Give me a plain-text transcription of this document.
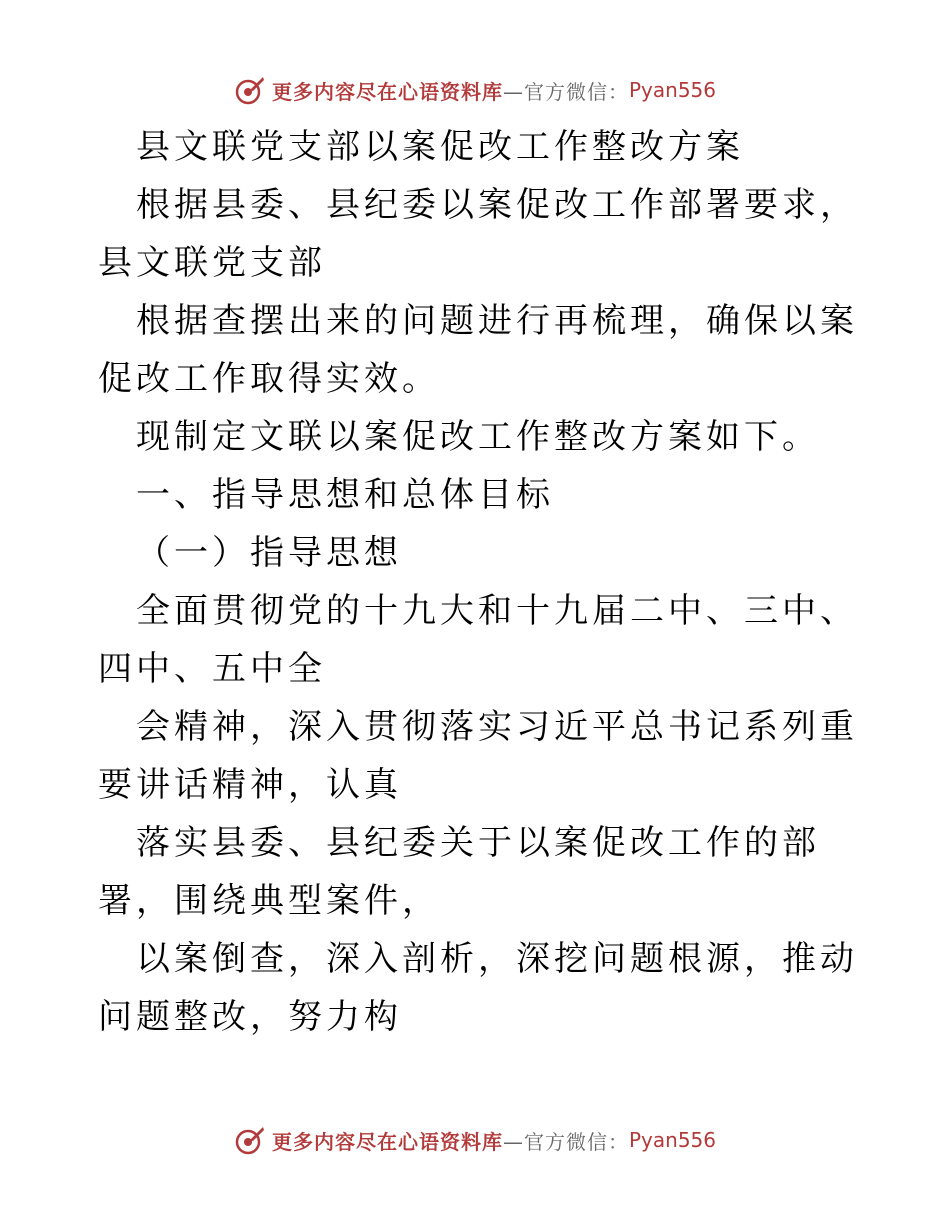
更多内容尽在心语资料库 —官方微信： Pyan556

县文联党支部以案促改工作整改方案

根据县委、县纪委以案促改工作部署要求，县文联党支部

根据查摆出来的问题进行再梳理，确保以案促改工作取得实效。

现制定文联以案促改工作整改方案如下。

一、指导思想和总体目标

（一）指导思想

全面贯彻党的十九大和十九届二中、三中、四中、五中全

会精神，深入贯彻落实习近平总书记系列重要讲话精神，认真

落实县委、县纪委关于以案促改工作的部署，围绕典型案件，

以案倒查，深入剖析，深挖问题根源，推动问题整改，努力构

更多内容尽在心语资料库 —官方微信： Pyan556
